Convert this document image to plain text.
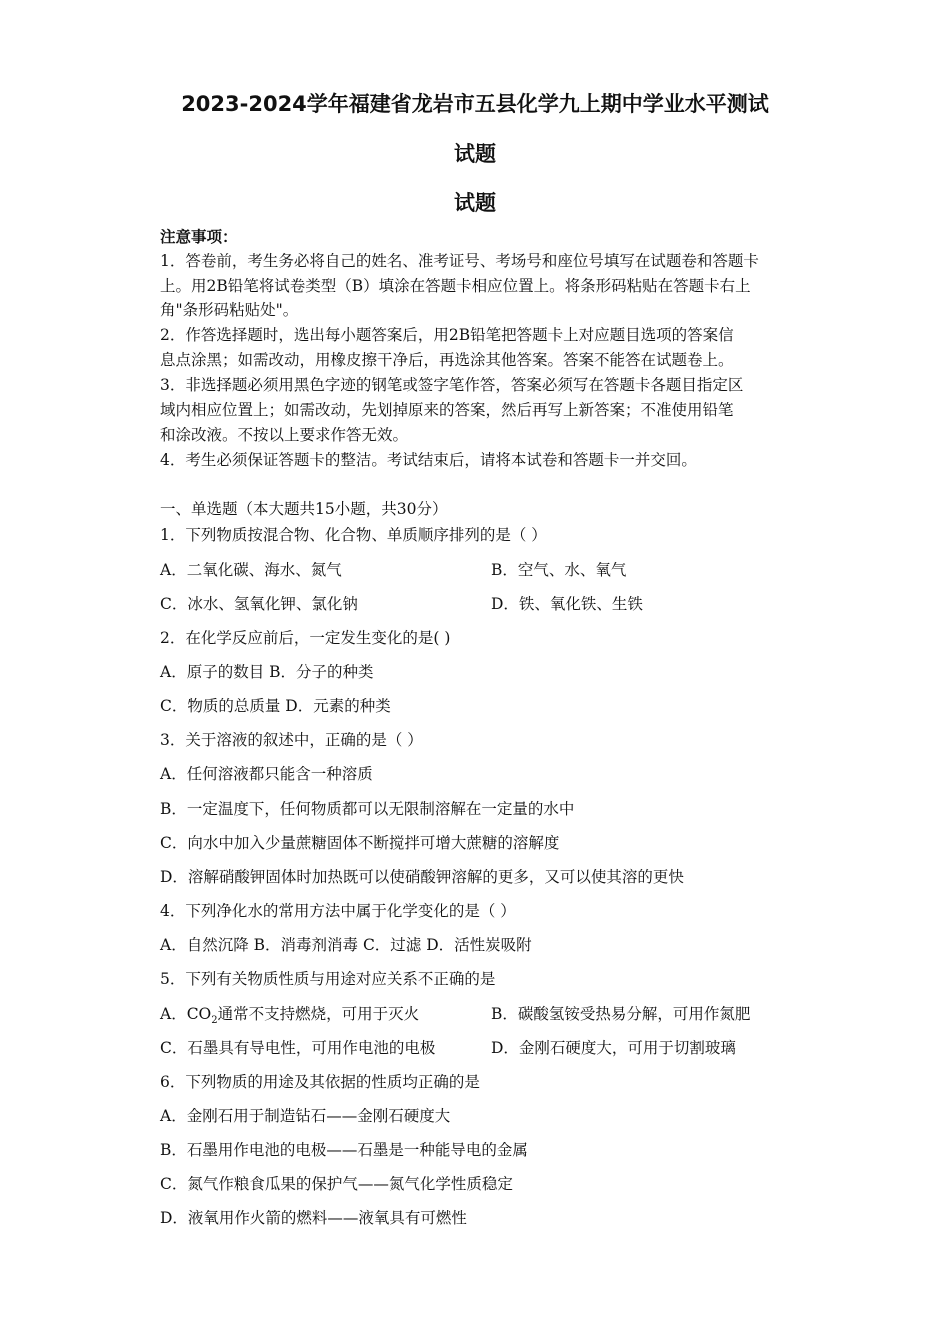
2023-2024学年福建省龙岩市五县化学九上期中学业水平测试
试题
试题
注意事项：
1．答卷前，考生务必将自己的姓名、准考证号、考场号和座位号填写在试题卷和答题卡
上。用2B铅笔将试卷类型（B）填涂在答题卡相应位置上。将条形码粘贴在答题卡右上
角"条形码粘贴处"。
2．作答选择题时，选出每小题答案后，用2B铅笔把答题卡上对应题目选项的答案信
息点涂黑；如需改动，用橡皮擦干净后，再选涂其他答案。答案不能答在试题卷上。
3．非选择题必须用黑色字迹的钢笔或签字笔作答，答案必须写在答题卡各题目指定区
域内相应位置上；如需改动，先划掉原来的答案，然后再写上新答案；不准使用铅笔
和涂改液。不按以上要求作答无效。
4．考生必须保证答题卡的整洁。考试结束后，请将本试卷和答题卡一并交回。
一、单选题（本大题共15小题，共30分）
1．下列物质按混合物、化合物、单质顺序排列的是（ ）
A．二氧化碳、海水、氮气	B．空气、水、氧气
C．冰水、氢氧化钾、氯化钠	D．铁、氧化铁、生铁
2．在化学反应前后，一定发生变化的是( )
A．原子的数目 B．分子的种类
C．物质的总质量 D．元素的种类
3．关于溶液的叙述中，正确的是（ ）
A．任何溶液都只能含一种溶质
B．一定温度下，任何物质都可以无限制溶解在一定量的水中
C．向水中加入少量蔗糖固体不断搅拌可增大蔗糖的溶解度
D．溶解硝酸钾固体时加热既可以使硝酸钾溶解的更多，又可以使其溶的更快
4．下列净化水的常用方法中属于化学变化的是（ ）
A．自然沉降 B．消毒剂消毒 C．过滤 D．活性炭吸附
5．下列有关物质性质与用途对应关系不正确的是
A．$CO_2$通常不支持燃烧，可用于灭火	B．碳酸氢铵受热易分解，可用作氮肥
C．石墨具有导电性，可用作电池的电极	D．金刚石硬度大，可用于切割玻璃
6．下列物质的用途及其依据的性质均正确的是
A．金刚石用于制造钻石——金刚石硬度大
B．石墨用作电池的电极——石墨是一种能导电的金属
C．氮气作粮食瓜果的保护气——氮气化学性质稳定
D．液氧用作火箭的燃料——液氧具有可燃性
